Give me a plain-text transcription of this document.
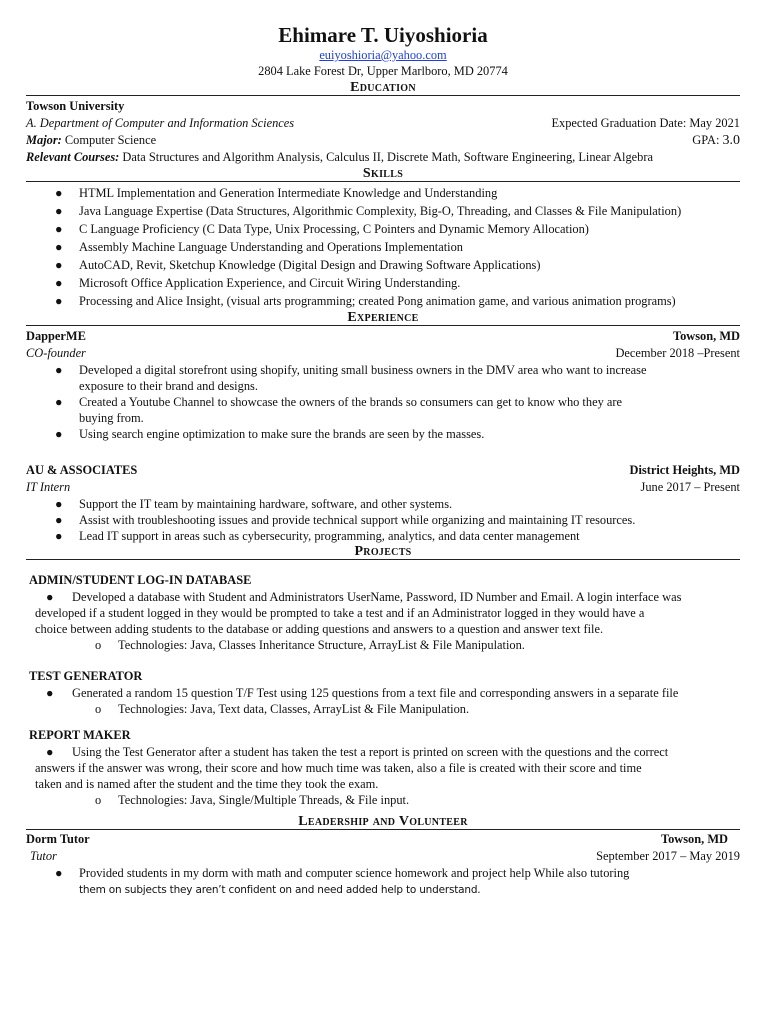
Ehimare T. Uiyoshioria
euiyoshioria@yahoo.com
2804 Lake Forest Dr, Upper Marlboro, MD 20774
Education
Towson University
A. Department of Computer and Information Sciences	Expected Graduation Date: May 2021
Major: Computer Science	GPA: 3.0
Relevant Courses: Data Structures and Algorithm Analysis, Calculus II, Discrete Math, Software Engineering, Linear Algebra
Skills
● HTML Implementation and Generation Intermediate Knowledge and Understanding
● Java Language Expertise (Data Structures, Algorithmic Complexity, Big-O, Threading, and Classes & File Manipulation)
● C Language Proficiency (C Data Type, Unix Processing, C Pointers and Dynamic Memory Allocation)
● Assembly Machine Language Understanding and Operations Implementation
● AutoCAD, Revit, Sketchup Knowledge (Digital Design and Drawing Software Applications)
● Microsoft Office Application Experience, and Circuit Wiring Understanding.
● Processing and Alice Insight, (visual arts programming; created Pong animation game, and various animation programs)
Experience
DapperME	Towson, MD
CO-founder	December 2018 –Present
● Developed a digital storefront using shopify, uniting small business owners in the DMV area who want to increase
exposure to their brand and designs.
● Created a Youtube Channel to showcase the owners of the brands so consumers can get to know who they are
buying from.
● Using search engine optimization to make sure the brands are seen by the masses.
AU & ASSOCIATES	District Heights, MD
IT Intern	June 2017 – Present
● Support the IT team by maintaining hardware, software, and other systems.
● Assist with troubleshooting issues and provide technical support while organizing and maintaining IT resources.
● Lead IT support in areas such as cybersecurity, programming, analytics, and data center management
Projects
ADMIN/STUDENT LOG-IN DATABASE
● Developed a database with Student and Administrators UserName, Password, ID Number and Email. A login interface was
developed if a student logged in they would be prompted to take a test and if an Administrator logged in they would have a
choice between adding students to the database or adding questions and answers to a question and answer text file.
o Technologies: Java, Classes Inheritance Structure, ArrayList & File Manipulation.
TEST GENERATOR
● Generated a random 15 question T/F Test using 125 questions from a text file and corresponding answers in a separate file
o Technologies: Java, Text data, Classes, ArrayList & File Manipulation.
REPORT MAKER
● Using the Test Generator after a student has taken the test a report is printed on screen with the questions and the correct
answers if the answer was wrong, their score and how much time was taken, also a file is created with their score and time
taken and is named after the student and the time they took the exam.
o Technologies: Java, Single/Multiple Threads, & File input.
Leadership and Volunteer
Dorm Tutor	Towson, MD
Tutor	September 2017 – May 2019
● Provided students in my dorm with math and computer science homework and project help While also tutoring
them on subjects they aren’t confident on and need added help to understand.
